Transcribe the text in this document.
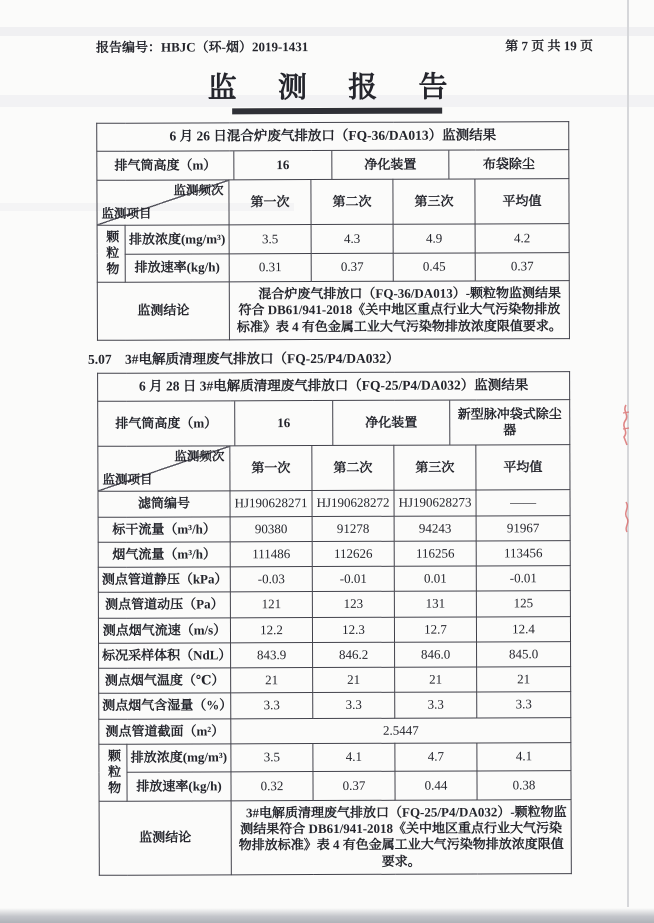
报告编号：HBJC（环-烟）2019-1431	第 7 页 共 19 页
监 测 报 告
6 月 26 日混合炉废气排放口（FQ-36/DA013）监测结果					

排气筒高度（m） 16 净化装置 布袋除尘					

监测频次
监测项目		第一次	第二次	第三次	平均值
颗粒物	排放浓度(mg/m³)	3.5	4.3	4.9	4.2
	排放速率(kg/h)	0.31	0.37	0.45	0.37
监测结论		混合炉废气排放口（FQ-36/DA013）-颗粒物监测结果符合 DB61/941-2018《关中地区重点行业大气污染物排放标准》表 4 有色金属工业大气污染物排放浓度限值要求。			
5.07 3#电解质清理废气排放口（FQ-25/P4/DA032）
6 月 28 日 3#电解质清理废气排放口（FQ-25/P4/DA032）监测结果					

排气筒高度（m） 16 净化装置
新型脉冲袋式除尘器					

监测频次
监测项目		第一次	第二次	第三次	平均值
滤筒编号		HJ190628271	HJ190628272	HJ190628273	——
标干流量（m³/h）		90380	91278	94243	91967
烟气流量（m³/h）		111486	112626	116256	113456
测点管道静压（kPa）		-0.03	-0.01	0.01	-0.01
测点管道动压（Pa）		121	123	131	125
测点烟气流速（m/s）		12.2	12.3	12.7	12.4
标况采样体积（NdL）		843.9	846.2	846.0	845.0
测点烟气温度（℃）		21	21	21	21
测点烟气含湿量（%）		3.3	3.3	3.3	3.3
测点管道截面（m²）		2.5447			
颗粒物	排放浓度(mg/m³)	3.5	4.1	4.7	4.1
	排放速率(kg/h)	0.32	0.37	0.44	0.38
监测结论		3#电解质清理废气排放口（FQ-25/P4/DA032）-颗粒物监测结果符合 DB61/941-2018《关中地区重点行业大气污染物排放标准》表 4 有色金属工业大气污染物排放浓度限值要求。			
